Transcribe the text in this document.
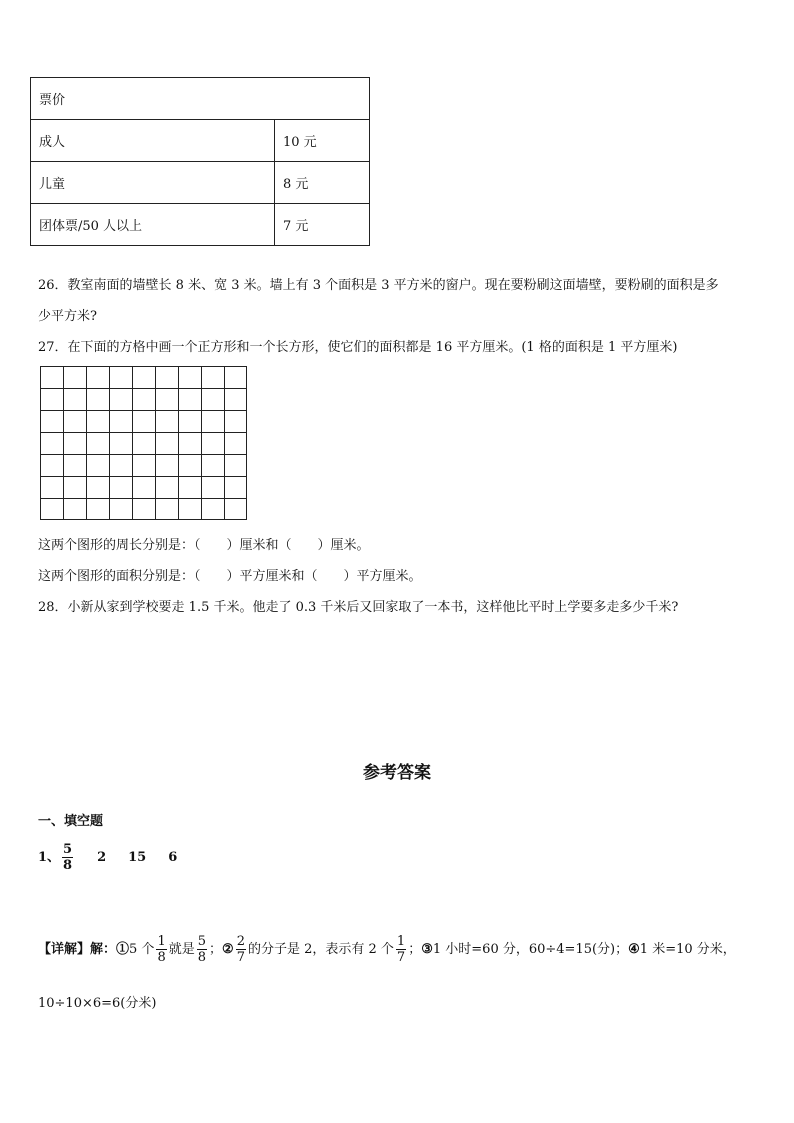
票价	
成人	10 元
儿童	8 元
团体票/50 人以上	7 元
26．教室南面的墙壁长 8 米、宽 3 米。墙上有 3 个面积是 3 平方米的窗户。现在要粉刷这面墙壁，要粉刷的面积是多
少平方米?
27．在下面的方格中画一个正方形和一个长方形，使它们的面积都是 16 平方厘米。(1 格的面积是 1 平方厘米)
这两个图形的周长分别是：（　　）厘米和（　　）厘米。
这两个图形的面积分别是：（　　）平方厘米和（　　）平方厘米。
28．小新从家到学校要走 1.5 千米。他走了 0.3 千米后又回家取了一本书，这样他比平时上学要多走多少千米?
参考答案
一、填空题
1、 $\frac{5}{8} 2$ 15 6
【详解】解：①5 个 $\frac{1}{8}$ 就是 $\frac{5}{8}$ ；② $\frac{2}{7}$ 的分子是 2，表示有 2 个 $\frac{1}{7}$ ；③1 小时=60 分，60÷4=15(分)；④1 米=10 分米，
10÷10×6=6(分米)
